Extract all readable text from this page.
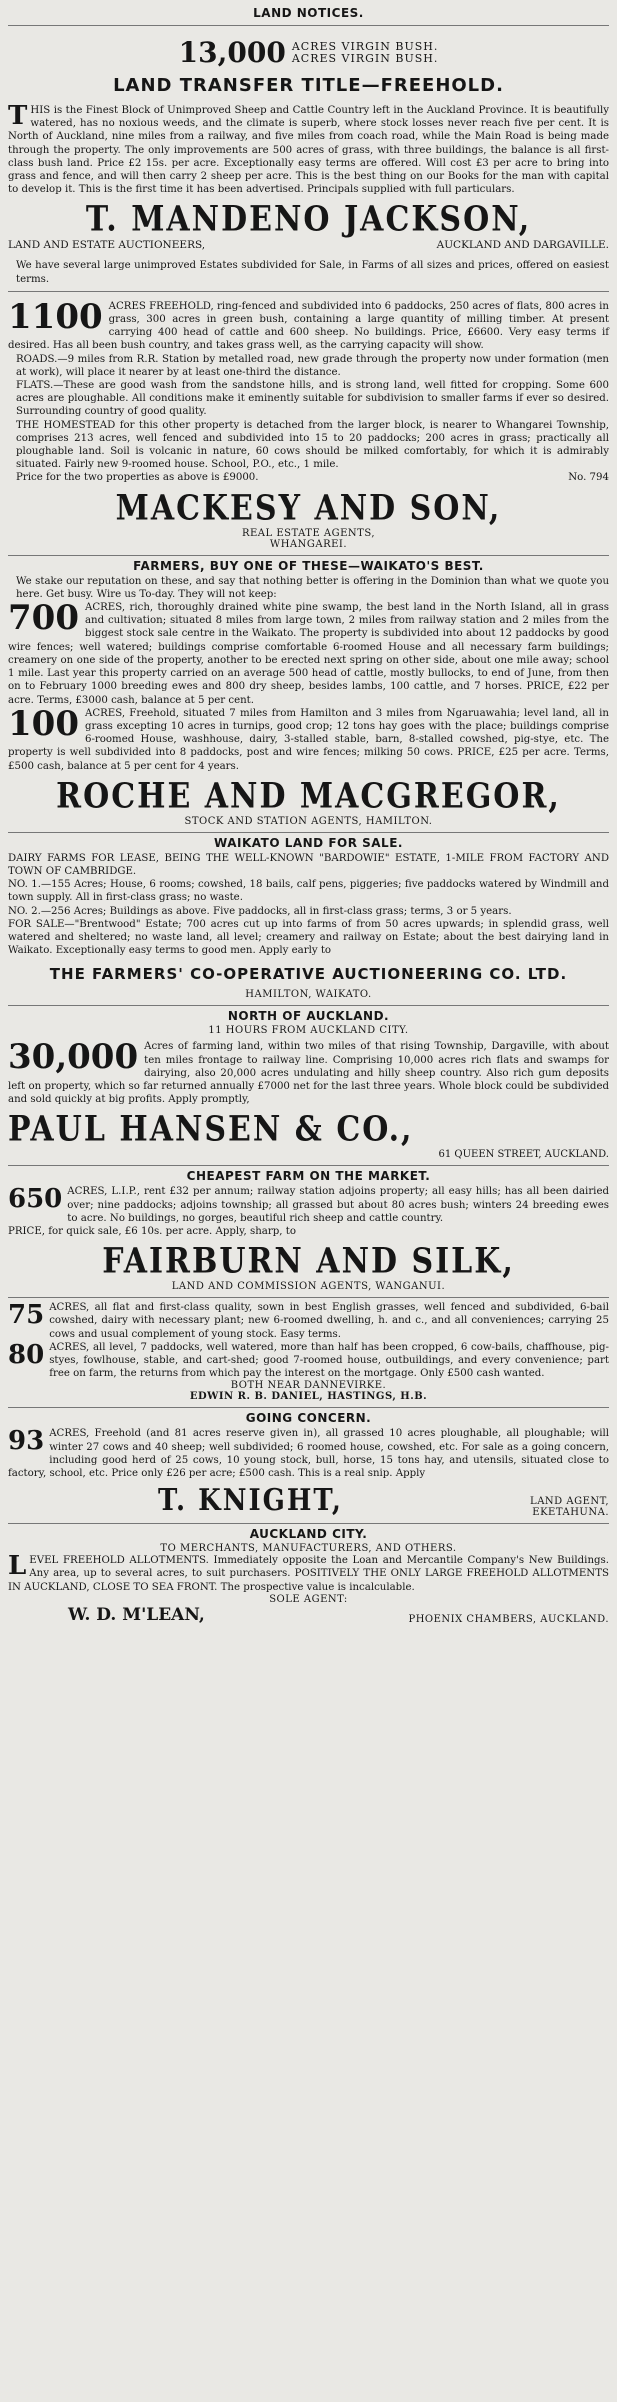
LAND NOTICES.
13,000 ACRES VIRGIN BUSH.
ACRES VIRGIN BUSH.
LAND TRANSFER TITLE—FREEHOLD.

THIS is the Finest Block of Unimproved Sheep and Cattle Country left in the Auckland Province. It is beautifully watered, has no noxious weeds, and the climate is superb, where stock losses never reach five per cent. It is North of Auckland, nine miles from a railway, and five miles from coach road, while the Main Road is being made through the property. The only improvements are 500 acres of grass, with three buildings, the balance is all first-class bush land. Price £2 15s. per acre. Exceptionally easy terms are offered. Will cost £3 per acre to bring into grass and fence, and will then carry 2 sheep per acre. This is the best thing on our Books for the man with capital to develop it. This is the first time it has been advertised. Principals supplied with full particulars.

T. MANDENO JACKSON,
LAND AND ESTATE AUCTIONEERS,	AUCKLAND AND DARGAVILLE.

We have several large unimproved Estates subdivided for Sale, in Farms of all sizes and prices, offered on easiest terms.

1100 ACRES FREEHOLD, ring-fenced and subdivided into 6 paddocks, 250 acres of flats, 800 acres in grass, 300 acres in green bush, containing a large quantity of milling timber. At present carrying 400 head of cattle and 600 sheep. No buildings. Price, £6600. Very easy terms if desired. Has all been bush country, and takes grass well, as the carrying capacity will show.

ROADS.—9 miles from R.R. Station by metalled road, new grade through the property now under formation (men at work), will place it nearer by at least one-third the distance.

FLATS.—These are good wash from the sandstone hills, and is strong land, well fitted for cropping. Some 600 acres are ploughable. All conditions make it eminently suitable for subdivision to smaller farms if ever so desired. Surrounding country of good quality.

THE HOMESTEAD for this other property is detached from the larger block, is nearer to Whangarei Township, comprises 213 acres, well fenced and subdivided into 15 to 20 paddocks; 200 acres in grass; practically all ploughable land. Soil is volcanic in nature, 60 cows should be milked comfortably, for which it is admirably situated. Fairly new 9-roomed house. School, P.O., etc., 1 mile.

Price for the two properties as above is £9000.	No. 794
MACKESY AND SON,
REAL ESTATE AGENTS,
WHANGAREI.
FARMERS, BUY ONE OF THESE—WAIKATO'S BEST.

We stake our reputation on these, and say that nothing better is offering in the Dominion than what we quote you here. Get busy. Wire us To-day. They will not keep:

700 ACRES, rich, thoroughly drained white pine swamp, the best land in the North Island, all in grass and cultivation; situated 8 miles from large town, 2 miles from railway station and 2 miles from the biggest stock sale centre in the Waikato. The property is subdivided into about 12 paddocks by good wire fences; well watered; buildings comprise comfortable 6-roomed House and all necessary farm buildings; creamery on one side of the property, another to be erected next spring on other side, about one mile away; school 1 mile. Last year this property carried on an average 500 head of cattle, mostly bullocks, to end of June, from then on to February 1000 breeding ewes and 800 dry sheep, besides lambs, 100 cattle, and 7 horses. PRICE, £22 per acre. Terms, £3000 cash, balance at 5 per cent.

100 ACRES, Freehold, situated 7 miles from Hamilton and 3 miles from Ngaruawahia; level land, all in grass excepting 10 acres in turnips, good crop; 12 tons hay goes with the place; buildings comprise 6-roomed House, washhouse, dairy, 3-stalled stable, barn, 8-stalled cowshed, pig-stye, etc. The property is well subdivided into 8 paddocks, post and wire fences; milking 50 cows. PRICE, £25 per acre. Terms, £500 cash, balance at 5 per cent for 4 years.

ROCHE AND MACGREGOR,
STOCK AND STATION AGENTS, HAMILTON.
WAIKATO LAND FOR SALE.

DAIRY FARMS FOR LEASE, BEING THE WELL-KNOWN "BARDOWIE" ESTATE, 1-MILE FROM FACTORY AND TOWN OF CAMBRIDGE.

NO. 1.—155 Acres; House, 6 rooms; cowshed, 18 bails, calf pens, piggeries; five paddocks watered by Windmill and town supply. All in first-class grass; no waste.

NO. 2.—256 Acres; Buildings as above. Five paddocks, all in first-class grass; terms, 3 or 5 years.

FOR SALE—"Brentwood" Estate; 700 acres cut up into farms of from 50 acres upwards; in splendid grass, well watered and sheltered; no waste land, all level; creamery and railway on Estate; about the best dairying land in Waikato. Exceptionally easy terms to good men. Apply early to

THE FARMERS' CO-OPERATIVE AUCTIONEERING CO. LTD.
HAMILTON, WAIKATO.
NORTH OF AUCKLAND.
11 HOURS FROM AUCKLAND CITY.

30,000 Acres of farming land, within two miles of that rising Township, Dargaville, with about ten miles frontage to railway line. Comprising 10,000 acres rich flats and swamps for dairying, also 20,000 acres undulating and hilly sheep country. Also rich gum deposits left on property, which so far returned annually £7000 net for the last three years. Whole block could be subdivided and sold quickly at big profits. Apply promptly,

PAUL HANSEN & CO.,
61 QUEEN STREET, AUCKLAND.
CHEAPEST FARM ON THE MARKET.

650 ACRES, L.I.P., rent £32 per annum; railway station adjoins property; all easy hills; has all been dairied over; nine paddocks; adjoins township; all grassed but about 80 acres bush; winters 24 breeding ewes to acre. No buildings, no gorges, beautiful rich sheep and cattle country.

PRICE, for quick sale, £6 10s. per acre. Apply, sharp, to

FAIRBURN AND SILK,
LAND AND COMMISSION AGENTS, WANGANUI.

75 ACRES, all flat and first-class quality, sown in best English grasses, well fenced and subdivided, 6-bail cowshed, dairy with necessary plant; new 6-roomed dwelling, h. and c., and all conveniences; carrying 25 cows and usual complement of young stock. Easy terms.

80 ACRES, all level, 7 paddocks, well watered, more than half has been cropped, 6 cow-bails, chaffhouse, pig-styes, fowlhouse, stable, and cart-shed; good 7-roomed house, outbuildings, and every convenience; part free on farm, the returns from which pay the interest on the mortgage. Only £500 cash wanted.

BOTH NEAR DANNEVIRKE.
EDWIN R. B. DANIEL, HASTINGS, H.B.
GOING CONCERN.

93 ACRES, Freehold (and 81 acres reserve given in), all grassed 10 acres ploughable, all ploughable; will winter 27 cows and 40 sheep; well subdivided; 6 roomed house, cowshed, etc. For sale as a going concern, including good herd of 25 cows, 10 young stock, bull, horse, 15 tons hay, and utensils, situated close to factory, school, etc. Price only £26 per acre; £500 cash. This is a real snip. Apply

T. KNIGHT,	LAND AGENT,
EKETAHUNA.
AUCKLAND CITY.
TO MERCHANTS, MANUFACTURERS, AND OTHERS.

LEVEL FREEHOLD ALLOTMENTS. Immediately opposite the Loan and Mercantile Company's New Buildings. Any area, up to several acres, to suit purchasers. POSITIVELY THE ONLY LARGE FREEHOLD ALLOTMENTS IN AUCKLAND, CLOSE TO SEA FRONT. The prospective value is incalculable.

SOLE AGENT:
W. D. M'LEAN,	PHOENIX CHAMBERS, AUCKLAND.
